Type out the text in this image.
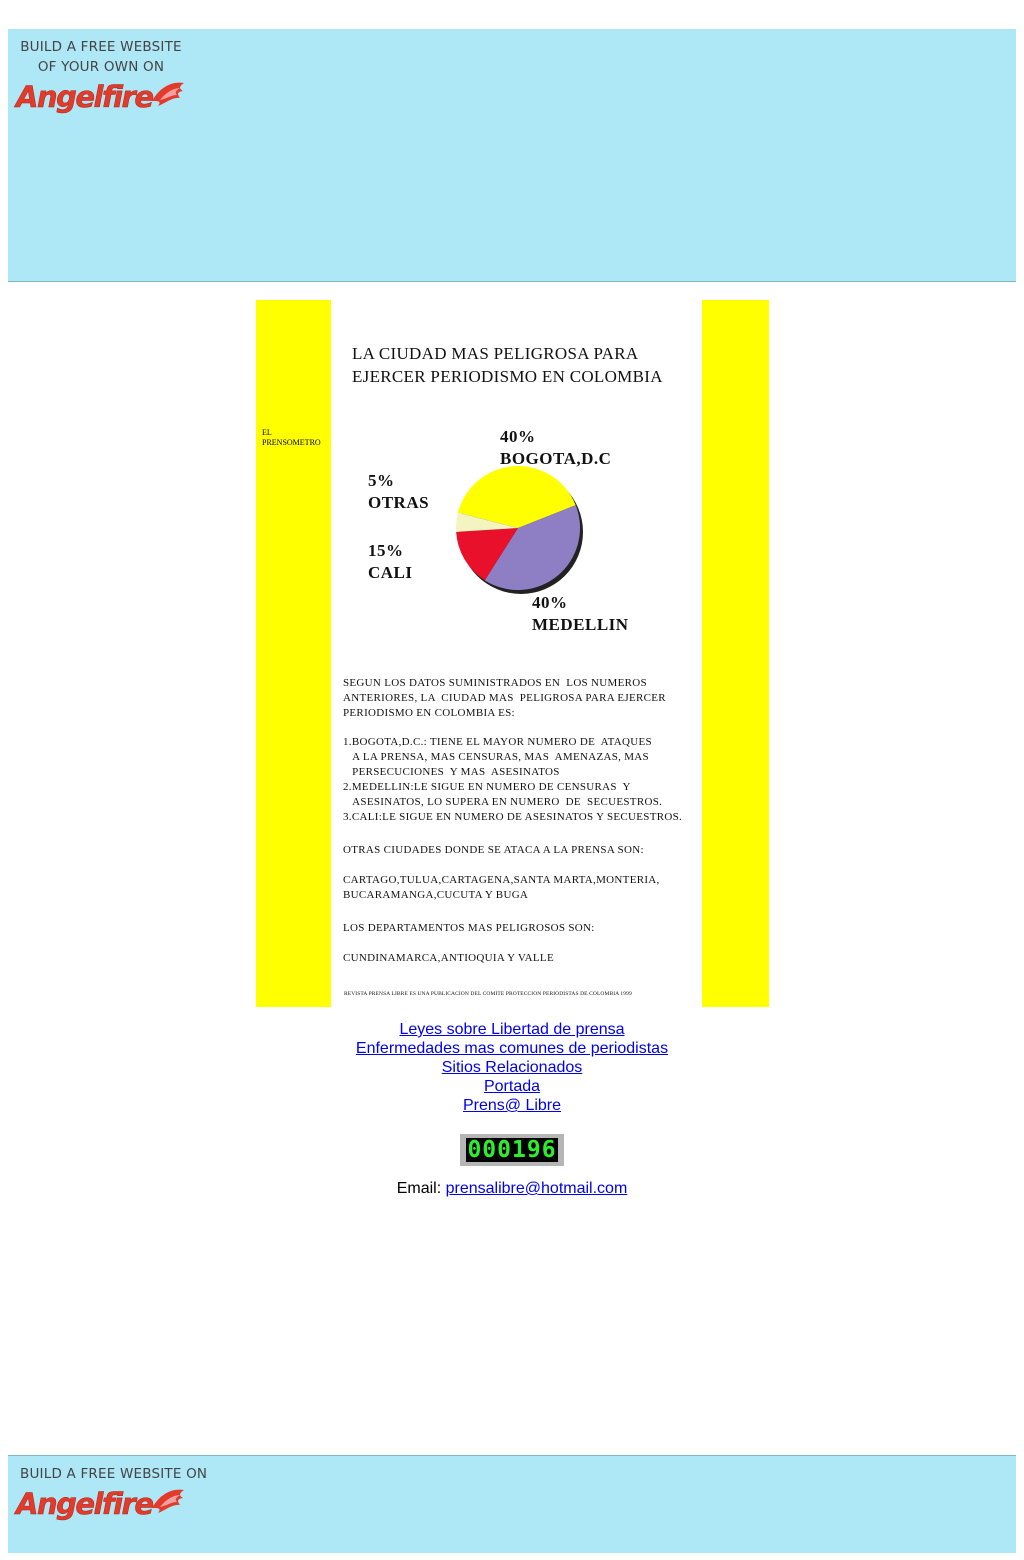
BUILD A FREE WEBSITE
OF YOUR OWN ON
Angelfire
EL
PRENSOMETRO
LA CIUDAD MAS PELIGROSA PARA
EJERCER PERIODISMO EN COLOMBIA
40%
BOGOTA,D.C
5%
OTRAS
15%
CALI
40%
MEDELLIN

SEGUN LOS DATOS SUMINISTRADOS EN  LOS NUMEROS
ANTERIORES, LA  CIUDAD MAS  PELIGROSA PARA EJERCER
PERIODISMO EN COLOMBIA ES:

1.BOGOTA,D.C.: TIENE EL MAYOR NUMERO DE  ATAQUES
A LA PRENSA, MAS CENSURAS, MAS  AMENAZAS, MAS
PERSECUCIONES  Y MAS  ASESINATOS
2.MEDELLIN:LE SIGUE EN NUMERO DE CENSURAS  Y
ASESINATOS, LO SUPERA EN NUMERO  DE  SECUESTROS.
3.CALI:LE SIGUE EN NUMERO DE ASESINATOS Y SECUESTROS.

OTRAS CIUDADES DONDE SE ATACA A LA PRENSA SON:

CARTAGO,TULUA,CARTAGENA,SANTA MARTA,MONTERIA,
BUCARAMANGA,CUCUTA Y BUGA

LOS DEPARTAMENTOS MAS PELIGROSOS SON:

CUNDINAMARCA,ANTIOQUIA Y VALLE

REVISTA PRENSA LIBRE ES UNA PUBLICACION DEL COMITE PROTECCION PERIODISTAS DE COLOMBIA 1999
Leyes sobre Libertad de prensa
Enfermedades mas comunes de periodistas
Sitios Relacionados
Portada
Prens@ Libre
000196
Email: prensalibre@hotmail.com
BUILD A FREE WEBSITE ON
Angelfire
